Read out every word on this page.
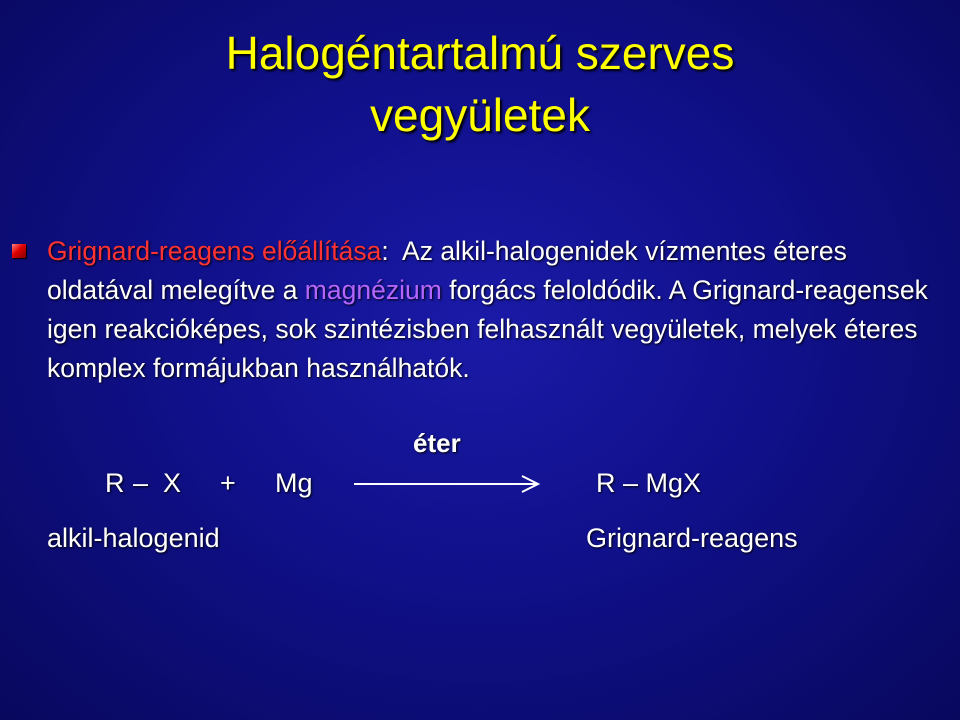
Halogéntartalmú szerves
vegyületek
Grignard-reagens előállítása:  Az alkil-halogenidek vízmentes éteres oldatával melegítve a magnézium forgács feloldódik. A Grignard-reagensek igen reakcióképes, sok szintézisben felhasznált vegyületek, melyek éteres komplex formájukban használhatók.
éter
R – X + Mg	R – MgX
alkil-halogenid	Grignard-reagens
